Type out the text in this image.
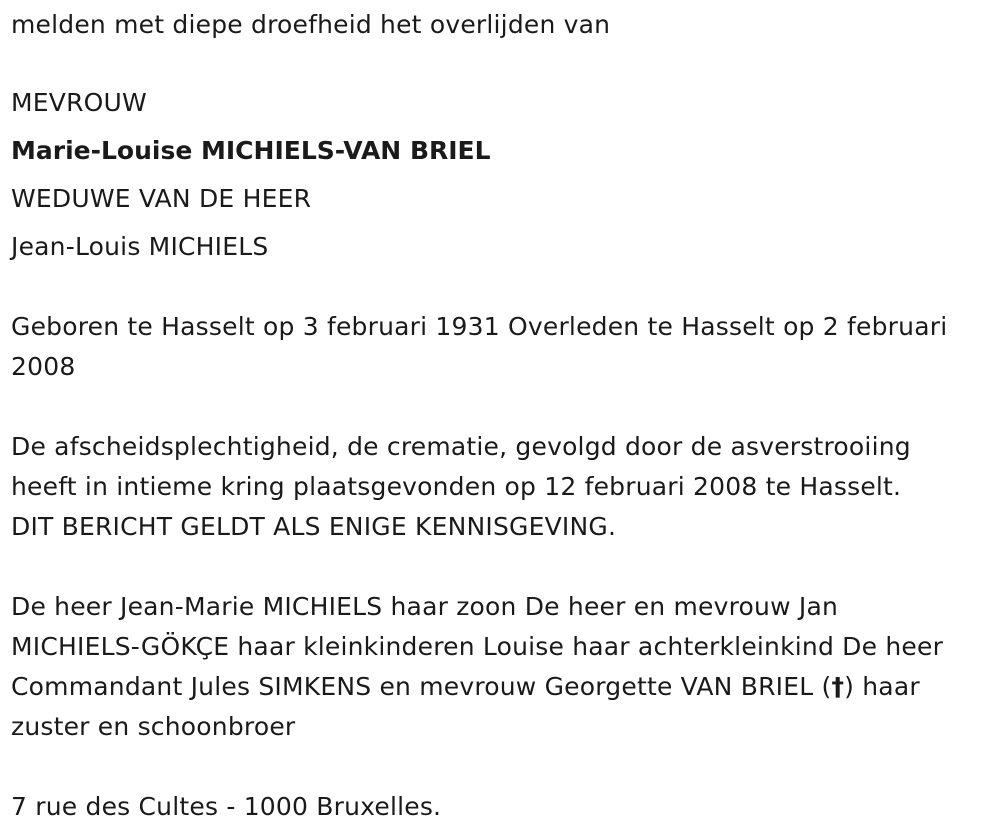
melden met diepe droefheid het overlijden van
MEVROUW
Marie-Louise MICHIELS-VAN BRIEL
WEDUWE VAN DE HEER
Jean-Louis MICHIELS
Geboren te Hasselt op 3 februari 1931 Overleden te Hasselt op 2 februari
2008
De afscheidsplechtigheid, de crematie, gevolgd door de asverstrooiing
heeft in intieme kring plaatsgevonden op 12 februari 2008 te Hasselt.
DIT BERICHT GELDT ALS ENIGE KENNISGEVING.
De heer Jean-Marie MICHIELS haar zoon De heer en mevrouw Jan
MICHIELS-GÖKÇE haar kleinkinderen Louise haar achterkleinkind De heer
Commandant Jules SIMKENS en mevrouw Georgette VAN BRIEL (†) haar
zuster en schoonbroer
7 rue des Cultes - 1000 Bruxelles.
